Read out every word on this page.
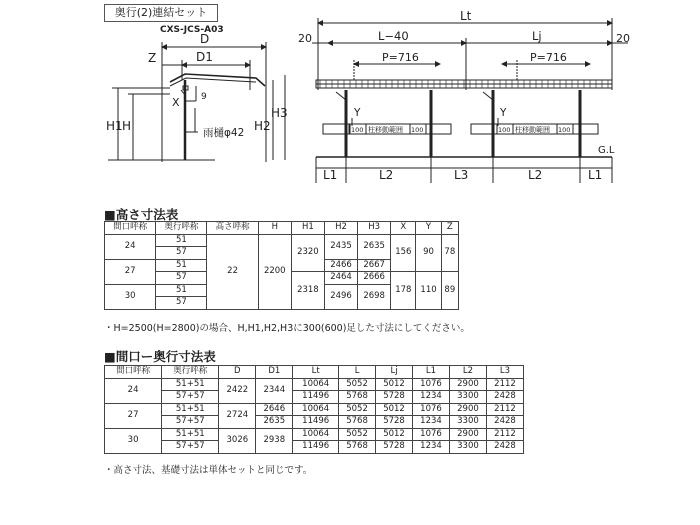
奥行(2)連結セット
CXS-JCS-A03
D
D1
Z
X 9
H1 H	H2
H3
雨樋φ42
Lt
20	20
L−40	Lj
P=716	P=716
Y	Y
柱移動範囲	柱移動範囲
100	100	100	100
G.L
L1	L2	L3	L2	L1
■高さ寸法表
間口呼称	奥行呼称	高さ呼称	H	H1	H2	H3	X	Y	Z
24	51	22	2200	2320	2435	2635	156	90	78
	57								
27	51				2466	2667			
	57			2318	2464	2666	178	110	89
30	51				2496	2698			
	57								
・H=2500(H=2800)の場合、H,H1,H2,H3に300(600)足した寸法にしてください。
■間口ー奥行寸法表
間口呼称	奥行呼称	D	D1	Lt	L	Lj	L1	L2	L3
24	51+51	2422	2344	10064	5052	5012	1076	2900	2112
	57+57			11496	5768	5728	1234	3300	2428
27	51+51	2724	2646	10064	5052	5012	1076	2900	2112
	57+57		2635	11496	5768	5728	1234	3300	2428
30	51+51	3026	2938	10064	5052	5012	1076	2900	2112
	57+57			11496	5768	5728	1234	3300	2428
・高さ寸法、基礎寸法は単体セットと同じです。
